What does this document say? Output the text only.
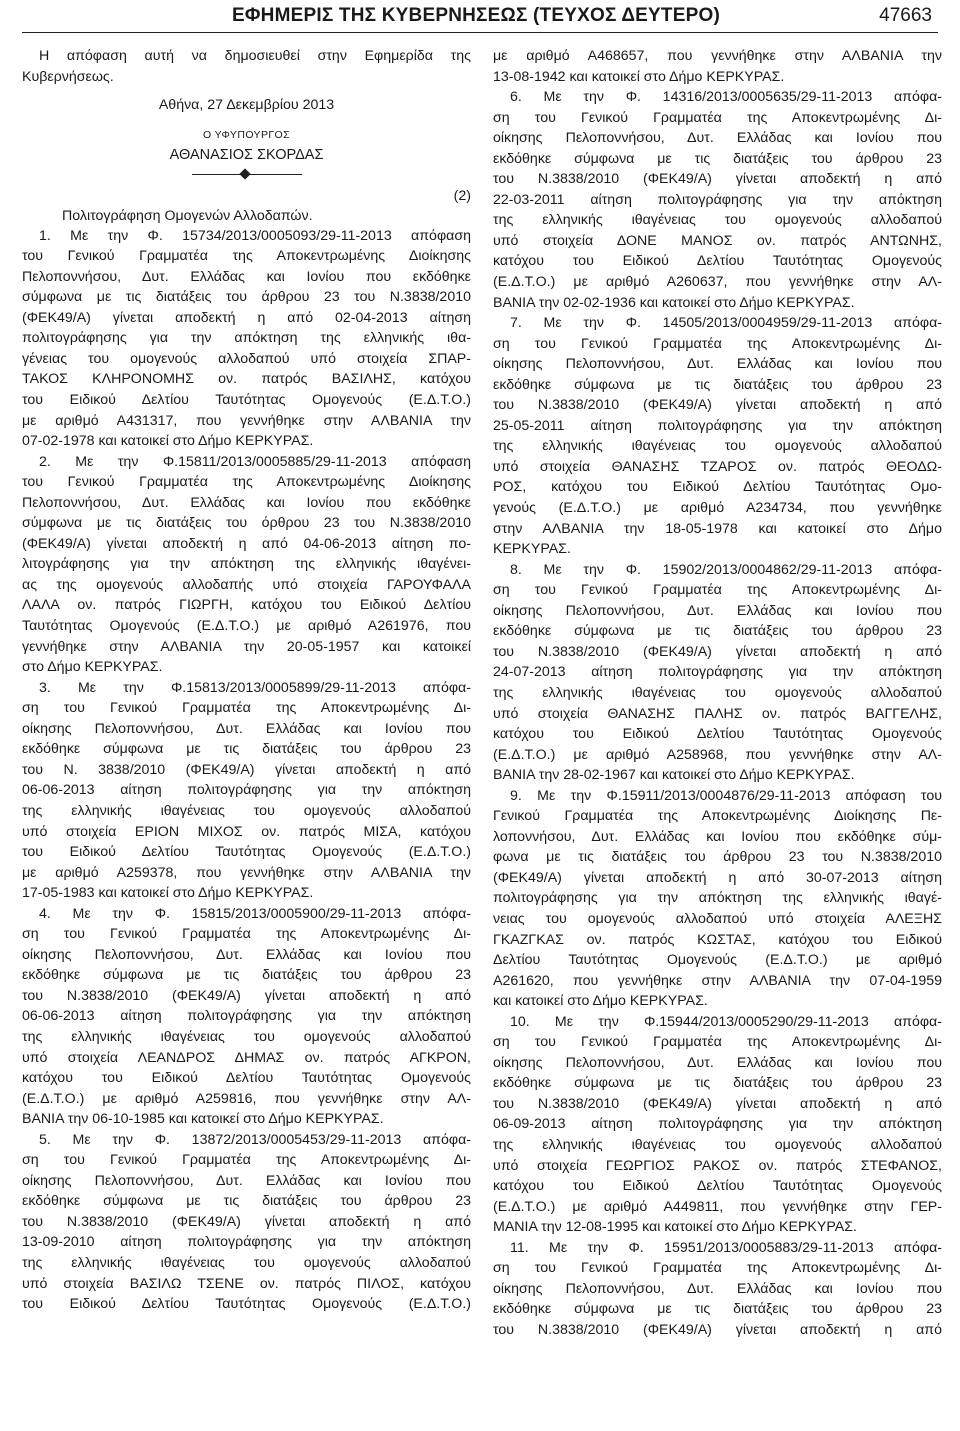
ΕΦΗΜΕΡΙΣ ΤΗΣ ΚΥΒΕΡΝΗΣΕΩΣ (ΤΕΥΧΟΣ ΔΕΥΤΕΡΟ)	47663

Η απόφαση αυτή να δημοσιευθεί στην Εφημερίδα της

Κυβερνήσεως.

Αθήνα, 27 Δεκεμβρίου 2013
Ο ΥΦΥΠΟΥΡΓΟΣ
ΑΘΑΝΑΣΙΟΣ ΣΚΟΡΔΑΣ
(2)
Πολιτογράφηση Ομογενών Αλλοδαπών.

1. Με την Φ. 15734/2013/0005093/29-11-2013 απόφαση

του Γενικού Γραμματέα της Αποκεντρωμένης Διοίκησης

Πελοποννήσου, Δυτ. Ελλάδας και Ιονίου που εκδόθηκε

σύμφωνα με τις διατάξεις του άρθρου 23 του Ν.3838/2010

(ΦΕΚ49/Α) γίνεται αποδεκτή η από 02-04-2013 αίτηση

πολιτογράφησης για την απόκτηση της ελληνικής ιθα-

γένειας του ομογενούς αλλοδαπού υπό στοιχεία ΣΠΑΡ-

ΤΑΚΟΣ ΚΛΗΡΟΝΟΜΗΣ ον. πατρός ΒΑΣΙΛΗΣ, κατόχου

του Ειδικού Δελτίου Ταυτότητας Ομογενούς (Ε.Δ.Τ.Ο.)

με αριθμό Α431317, που γεννήθηκε στην ΑΛΒΑΝΙΑ την

07-02-1978 και κατοικεί στο Δήμο ΚΕΡΚΥΡΑΣ.

2. Με την Φ.15811/2013/0005885/29-11-2013 απόφαση

του Γενικού Γραμματέα της Αποκεντρωμένης Διοίκησης

Πελοποννήσου, Δυτ. Ελλάδας και Ιονίου που εκδόθηκε

σύμφωνα με τις διατάξεις του όρθρου 23 του Ν.3838/2010

(ΦΕΚ49/Α) γίνεται αποδεκτή η από 04-06-2013 αίτηση πο-

λιτογράφησης για την απόκτηση της ελληνικής ιθαγένει-

ας της ομογενούς αλλοδαπής υπό στοιχεία ΓΑΡΟΥΦΑΛΑ

ΛΑΛΑ ον. πατρός ΓΙΩΡΓΗ, κατόχου του Ειδικού Δελτίου

Ταυτότητας Ομογενούς (Ε.Δ.Τ.Ο.) με αριθμό Α261976, που

γεννήθηκε στην ΑΛΒΑΝΙΑ την 20-05-1957 και κατοικεί

στο Δήμο ΚΕΡΚΥΡΑΣ.

3. Με την Φ.15813/2013/0005899/29-11-2013 απόφα-

ση του Γενικού Γραμματέα της Αποκεντρωμένης Δι-

οίκησης Πελοποννήσου, Δυτ. Ελλάδας και Ιονίου που

εκδόθηκε σύμφωνα με τις διατάξεις του άρθρου 23

του Ν. 3838/2010 (ΦΕΚ49/Α) γίνεται αποδεκτή η από

06-06-2013 αίτηση πολιτογράφησης για την απόκτηση

της ελληνικής ιθαγένειας του ομογενούς αλλοδαπού

υπό στοιχεία ΕΡΙΟΝ ΜΙΧΟΣ ον. πατρός ΜΙΣΑ, κατόχου

του Ειδικού Δελτίου Ταυτότητας Ομογενούς (Ε.Δ.Τ.Ο.)

με αριθμό Α259378, που γεννήθηκε στην ΑΛΒΑΝΙΑ την

17-05-1983 και κατοικεί στο Δήμο ΚΕΡΚΥΡΑΣ.

4. Με την Φ. 15815/2013/0005900/29-11-2013 απόφα-

ση του Γενικού Γραμματέα της Αποκεντρωμένης Δι-

οίκησης Πελοποννήσου, Δυτ. Ελλάδας και Ιονίου που

εκδόθηκε σύμφωνα με τις διατάξεις του άρθρου 23

του Ν.3838/2010 (ΦΕΚ49/Α) γίνεται αποδεκτή η από

06-06-2013 αίτηση πολιτογράφησης για την απόκτηση

της ελληνικής ιθαγένειας του ομογενούς αλλοδαπού

υπό στοιχεία ΛΕΑΝΔΡΟΣ ΔΗΜΑΣ ον. πατρός ΑΓΚΡΟΝ,

κατόχου του Ειδικού Δελτίου Ταυτότητας Ομογενούς

(Ε.Δ.Τ.Ο.) με αριθμό Α259816, που γεννήθηκε στην ΑΛ-

ΒΑΝΙΑ την 06-10-1985 και κατοικεί στο Δήμο ΚΕΡΚΥΡΑΣ.

5. Με την Φ. 13872/2013/0005453/29-11-2013 απόφα-

ση του Γενικού Γραμματέα της Αποκεντρωμένης Δι-

οίκησης Πελοποννήσου, Δυτ. Ελλάδας και Ιονίου που

εκδόθηκε σύμφωνα με τις διατάξεις του άρθρου 23

του Ν.3838/2010 (ΦΕΚ49/Α) γίνεται αποδεκτή η από

13-09-2010 αίτηση πολιτογράφησης για την απόκτηση

της ελληνικής ιθαγένειας του ομογενούς αλλοδαπού

υπό στοιχεία ΒΑΣΙΛΩ ΤΣΕΝΕ ον. πατρός ΠΙΛΟΣ, κατόχου

του Ειδικού Δελτίου Ταυτότητας Ομογενούς (Ε.Δ.Τ.Ο.)

με αριθμό Α468657, που γεννήθηκε στην ΑΛΒΑΝΙΑ την

13-08-1942 και κατοικεί στο Δήμο ΚΕΡΚΥΡΑΣ.

6. Με την Φ. 14316/2013/0005635/29-11-2013 απόφα-

ση του Γενικού Γραμματέα της Αποκεντρωμένης Δι-

οίκησης Πελοποννήσου, Δυτ. Ελλάδας και Ιονίου που

εκδόθηκε σύμφωνα με τις διατάξεις του άρθρου 23

του Ν.3838/2010 (ΦΕΚ49/Α) γίνεται αποδεκτή η από

22-03-2011 αίτηση πολιτογράφησης για την απόκτηση

της ελληνικής ιθαγένειας του ομογενούς αλλοδαπού

υπό στοιχεία ΔΟΝΕ ΜΑΝΟΣ ον. πατρός ΑΝΤΩΝΗΣ,

κατόχου του Ειδικού Δελτίου Ταυτότητας Ομογενούς

(Ε.Δ.Τ.Ο.) με αριθμό Α260637, που γεννήθηκε στην ΑΛ-

ΒΑΝΙΑ την 02-02-1936 και κατοικεί στο Δήμο ΚΕΡΚΥΡΑΣ.

7. Με την Φ. 14505/2013/0004959/29-11-2013 απόφα-

ση του Γενικού Γραμματέα της Αποκεντρωμένης Δι-

οίκησης Πελοποννήσου, Δυτ. Ελλάδας και Ιονίου που

εκδόθηκε σύμφωνα με τις διατάξεις του άρθρου 23

του Ν.3838/2010 (ΦΕΚ49/Α) γίνεται αποδεκτή η από

25-05-2011 αίτηση πολιτογράφησης για την απόκτηση

της ελληνικής ιθαγένειας του ομογενούς αλλοδαπού

υπό στοιχεία ΘΑΝΑΣΗΣ ΤΖΑΡΟΣ ον. πατρός ΘΕΟΔΩ-

ΡΟΣ, κατόχου του Ειδικού Δελτίου Ταυτότητας Ομο-

γενούς (Ε.Δ.Τ.Ο.) με αριθμό Α234734, που γεννήθηκε

στην ΑΛΒΑΝΙΑ την 18-05-1978 και κατοικεί στο Δήμο

ΚΕΡΚΥΡΑΣ.

8. Με την Φ. 15902/2013/0004862/29-11-2013 απόφα-

ση του Γενικού Γραμματέα της Αποκεντρωμένης Δι-

οίκησης Πελοποννήσου, Δυτ. Ελλάδας και Ιονίου που

εκδόθηκε σύμφωνα με τις διατάξεις του άρθρου 23

του Ν.3838/2010 (ΦΕΚ49/Α) γίνεται αποδεκτή η από

24-07-2013 αίτηση πολιτογράφησης για την απόκτηση

της ελληνικής ιθαγένειας του ομογενούς αλλοδαπού

υπό στοιχεία ΘΑΝΑΣΗΣ ΠΑΛΗΣ ον. πατρός ΒΑΓΓΕΛΗΣ,

κατόχου του Ειδικού Δελτίου Ταυτότητας Ομογενούς

(Ε.Δ.Τ.Ο.) με αριθμό Α258968, που γεννήθηκε στην ΑΛ-

ΒΑΝΙΑ την 28-02-1967 και κατοικεί στο Δήμο ΚΕΡΚΥΡΑΣ.

9. Με την Φ.15911/2013/0004876/29-11-2013 απόφαση του

Γενικού Γραμματέα της Αποκεντρωμένης Διοίκησης Πε-

λοποννήσου, Δυτ. Ελλάδας και Ιονίου που εκδόθηκε σύμ-

φωνα με τις διατάξεις του άρθρου 23 του Ν.3838/2010

(ΦΕΚ49/Α) γίνεται αποδεκτή η από 30-07-2013 αίτηση

πολιτογράφησης για την απόκτηση της ελληνικής ιθαγέ-

νειας του ομογενούς αλλοδαπού υπό στοιχεία ΑΛΕΞΗΣ

ΓΚΑΖΓΚΑΣ ον. πατρός ΚΩΣΤΑΣ, κατόχου του Ειδικού

Δελτίου Ταυτότητας Ομογενούς (Ε.Δ.Τ.Ο.) με αριθμό

Α261620, που γεννήθηκε στην ΑΛΒΑΝΙΑ την 07-04-1959

και κατοικεί στο Δήμο ΚΕΡΚΥΡΑΣ.

10. Με την Φ.15944/2013/0005290/29-11-2013 απόφα-

ση του Γενικού Γραμματέα της Αποκεντρωμένης Δι-

οίκησης Πελοποννήσου, Δυτ. Ελλάδας και Ιονίου που

εκδόθηκε σύμφωνα με τις διατάξεις του άρθρου 23

του Ν.3838/2010 (ΦΕΚ49/Α) γίνεται αποδεκτή η από

06-09-2013 αίτηση πολιτογράφησης για την απόκτηση

της ελληνικής ιθαγένειας του ομογενούς αλλοδαπού

υπό στοιχεία ΓΕΩΡΓΙΟΣ ΡΑΚΟΣ ον. πατρός ΣΤΕΦΑΝΟΣ,

κατόχου του Ειδικού Δελτίου Ταυτότητας Ομογενούς

(Ε.Δ.Τ.Ο.) με αριθμό Α449811, που γεννήθηκε στην ΓΕΡ-

ΜΑΝΙΑ την 12-08-1995 και κατοικεί στο Δήμο ΚΕΡΚΥΡΑΣ.

11. Με την Φ. 15951/2013/0005883/29-11-2013 απόφα-

ση του Γενικού Γραμματέα της Αποκεντρωμένης Δι-

οίκησης Πελοποννήσου, Δυτ. Ελλάδας και Ιονίου που

εκδόθηκε σύμφωνα με τις διατάξεις του άρθρου 23

του Ν.3838/2010 (ΦΕΚ49/Α) γίνεται αποδεκτή η από
